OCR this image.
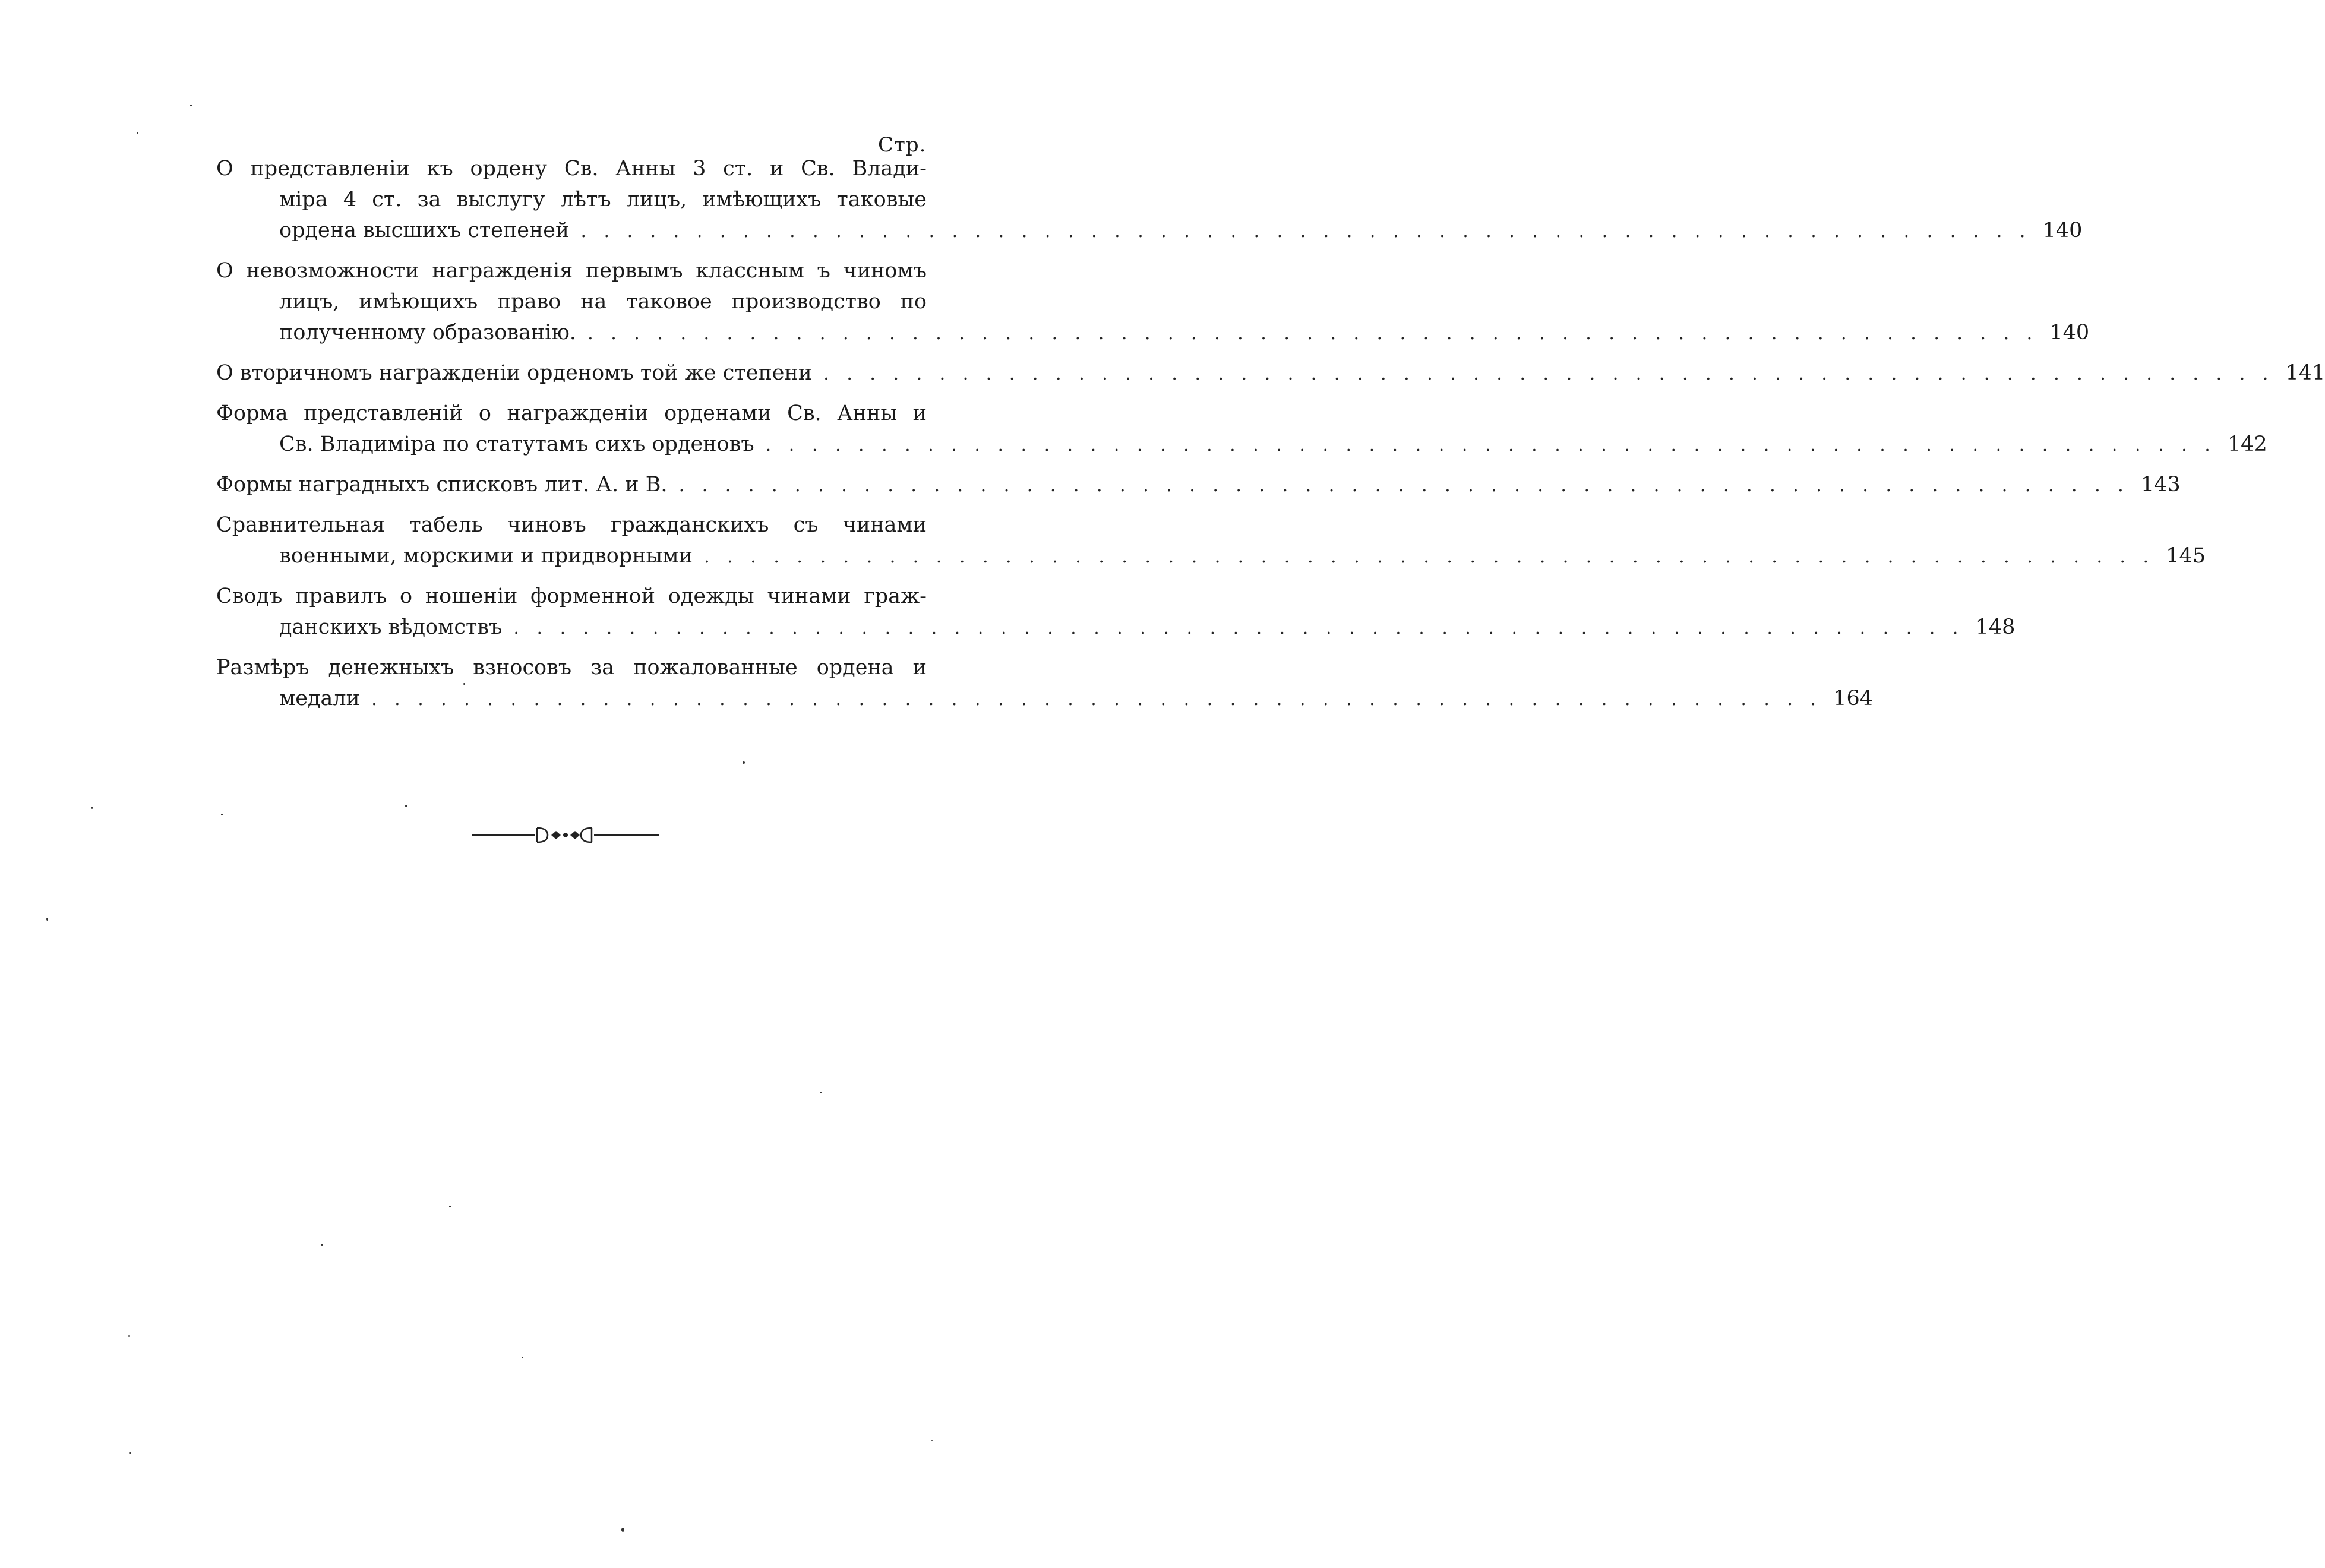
Стр.
О представленіи къ ордену Св. Анны 3 ст. и Св. Влади-
міра 4 ст. за выслугу лѣтъ лицъ, имѣющихъ таковые
ордена высшихъ степеней . . .	140
О невозможности награжденія первымъ классным ъ чиномъ
лицъ, имѣющихъ право на таковое производство по
полученному образованію. . . .	140
О вторичномъ награжденіи орденомъ той же степени . . .	141
Форма представленій о награжденіи орденами Св. Анны и
Св. Владиміра по статутамъ сихъ орденовъ . . .	142
Формы наградныхъ списковъ лит. А. и В. . . .	143
Сравнительная табель чиновъ гражданскихъ съ чинами
военными, морскими и придворными . . .	145
Сводъ правилъ о ношеніи форменной одежды чинами граж-
данскихъ вѣдомствъ . . .	148
Размѣръ денежныхъ взносовъ за пожалованные ордена и
медали . . .	164
